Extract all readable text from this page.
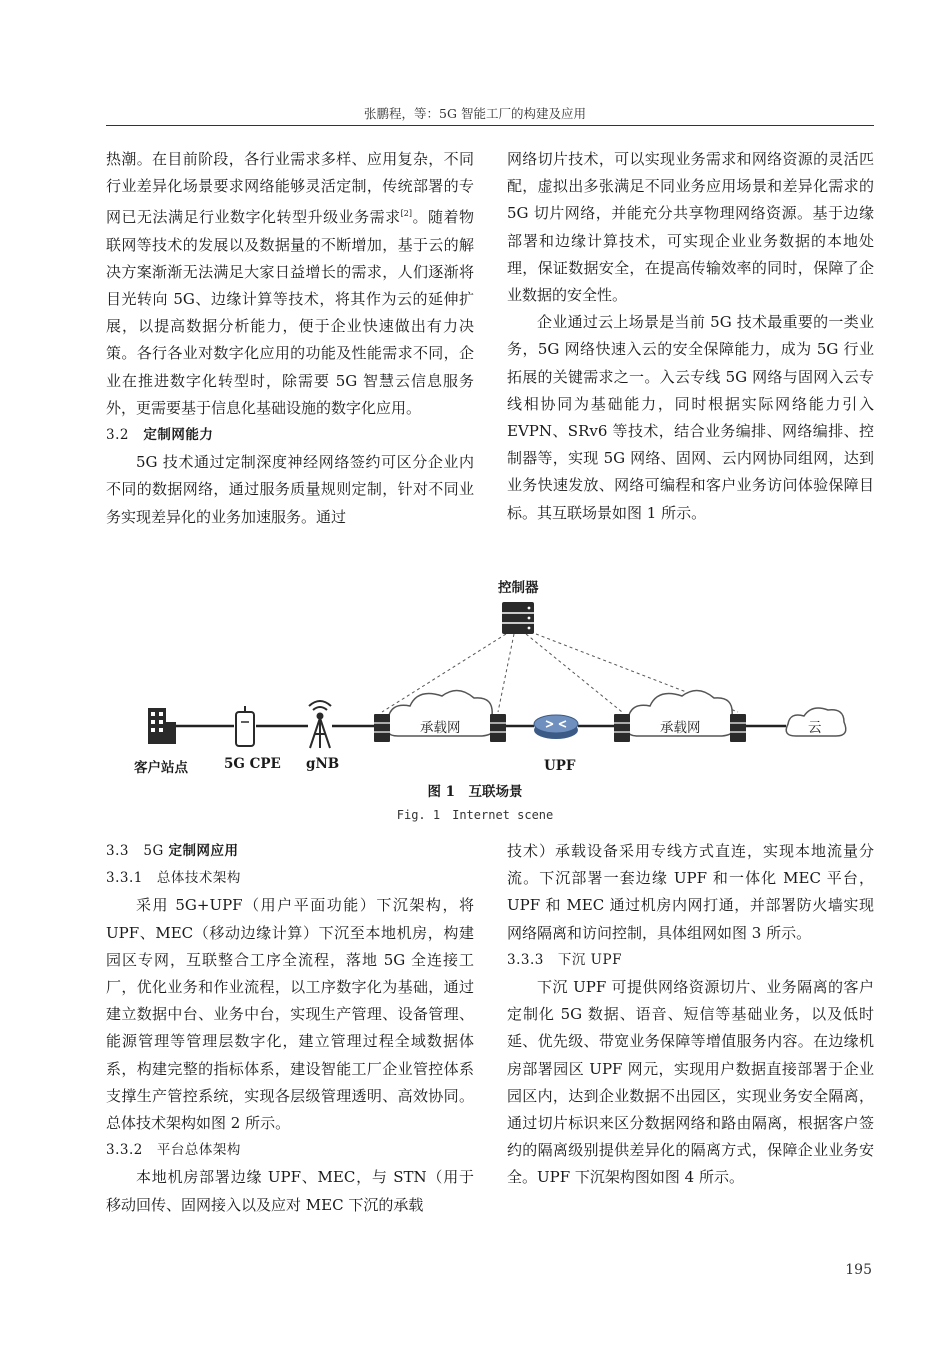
张鹏程，等：5G 智能工厂的构建及应用

热潮。在目前阶段，各行业需求多样、应用复杂，不同行业差异化场景要求网络能够灵活定制，传统部署的专网已无法满足行业数字化转型升级业务需求[2]。随着物联网等技术的发展以及数据量的不断增加，基于云的解决方案渐渐无法满足大家日益增长的需求，人们逐渐将目光转向 5G、边缘计算等技术，将其作为云的延伸扩展，以提高数据分析能力，便于企业快速做出有力决策。各行各业对数字化应用的功能及性能需求不同，企业在推进数字化转型时，除需要 5G 智慧云信息服务外，更需要基于信息化基础设施的数字化应用。

3.2 定制网能力

5G 技术通过定制深度神经网络签约可区分企业内不同的数据网络，通过服务质量规则定制，针对不同业务实现差异化的业务加速服务。通过

网络切片技术，可以实现业务需求和网络资源的灵活匹配，虚拟出多张满足不同业务应用场景和差异化需求的 5G 切片网络，并能充分共享物理网络资源。基于边缘部署和边缘计算技术，可实现企业业务数据的本地处理，保证数据安全，在提高传输效率的同时，保障了企业数据的安全性。

企业通过云上场景是当前 5G 技术最重要的一类业务，5G 网络快速入云的安全保障能力，成为 5G 行业拓展的关键需求之一。入云专线 5G 网络与固网入云专线相协同为基础能力，同时根据实际网络能力引入 EVPN、SRv6 等技术，结合业务编排、网络编排、控制器等，实现 5G 网络、固网、云内网协同组网，达到业务快速发放、网络可编程和客户业务访问体验保障目标。其互联场景如图 1 所示。

控制器
客户站点	5G CPE gNB
承载网	承载网
UPF
云
图 1　互联场景
Fig. 1　Internet scene

3.3 5G 定制网应用

3.3.1　总体技术架构

采用 5G+UPF（用户平面功能）下沉架构，将 UPF、MEC（移动边缘计算）下沉至本地机房，构建园区专网，互联整合工序全流程，落地 5G 全连接工厂，优化业务和作业流程，以工序数字化为基础，通过建立数据中台、业务中台，实现生产管理、设备管理、能源管理等管理层数字化，建立管理过程全域数据体系，构建完整的指标体系，建设智能工厂企业管控体系支撑生产管控系统，实现各层级管理透明、高效协同。总体技术架构如图 2 所示。

3.3.2　平台总体架构

本地机房部署边缘 UPF、MEC，与 STN（用于移动回传、固网接入以及应对 MEC 下沉的承载

技术）承载设备采用专线方式直连，实现本地流量分流。下沉部署一套边缘 UPF 和一体化 MEC 平台，UPF 和 MEC 通过机房内网打通，并部署防火墙实现网络隔离和访问控制，具体组网如图 3 所示。

3.3.3　下沉 UPF

下沉 UPF 可提供网络资源切片、业务隔离的客户定制化 5G 数据、语音、短信等基础业务，以及低时延、优先级、带宽业务保障等增值服务内容。在边缘机房部署园区 UPF 网元，实现用户数据直接部署于企业园区内，达到企业数据不出园区，实现业务安全隔离，通过切片标识来区分数据网络和路由隔离，根据客户签约的隔离级别提供差异化的隔离方式，保障企业业务安全。UPF 下沉架构图如图 4 所示。

195
